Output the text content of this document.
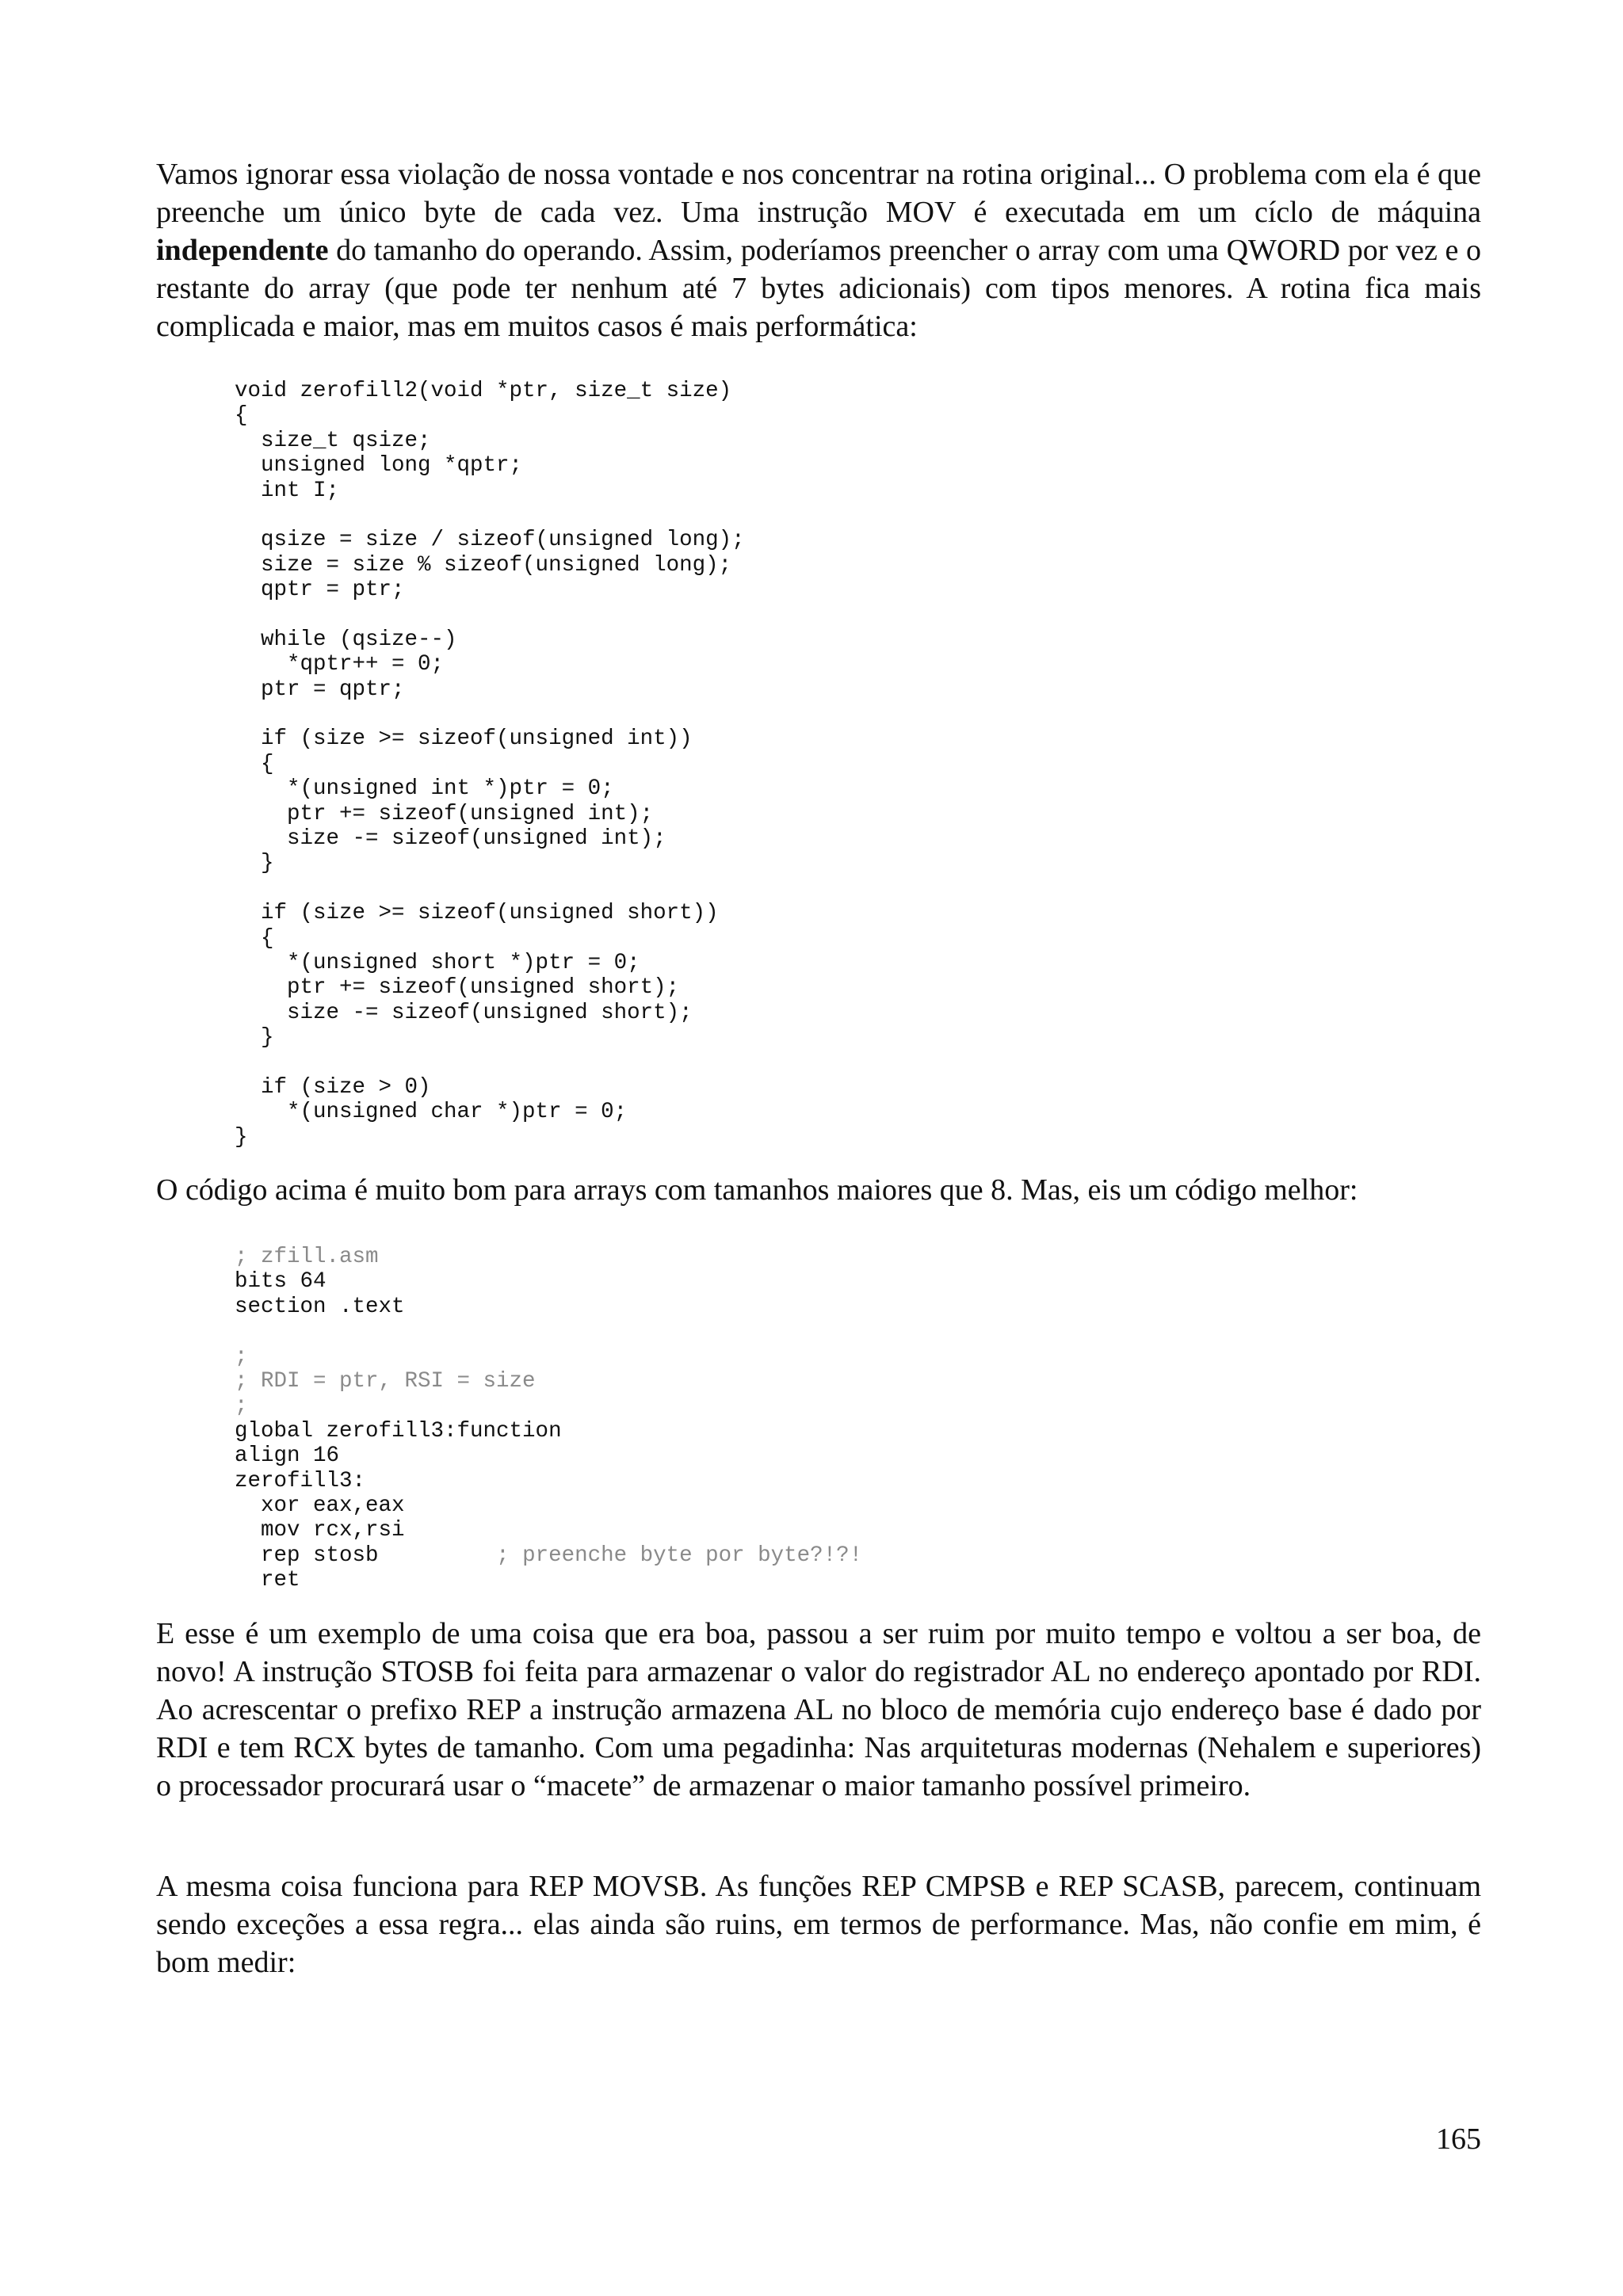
Vamos ignorar essa violação de nossa vontade e nos concentrar na rotina original... O problema com ela é que preenche um único byte de cada vez. Uma instrução MOV é executada em um cíclo de máquina independente do tamanho do operando. Assim, poderíamos preencher o array com uma QWORD por vez e o restante do array (que pode ter nenhum até 7 bytes adicionais) com tipos menores. A rotina fica mais complicada e maior, mas em muitos casos é mais performática:

void zerofill2(void *ptr, size_t size)
{
size_t qsize;
unsigned long *qptr;
int I;
qsize = size / sizeof(unsigned long);
size = size % sizeof(unsigned long);
qptr = ptr;
while (qsize--)
*qptr++ = 0;
ptr = qptr;
if (size >= sizeof(unsigned int))
{
*(unsigned int *)ptr = 0;
ptr += sizeof(unsigned int);
size -= sizeof(unsigned int);
}
if (size >= sizeof(unsigned short))
{
*(unsigned short *)ptr = 0;
ptr += sizeof(unsigned short);
size -= sizeof(unsigned short);
}
if (size > 0)
*(unsigned char *)ptr = 0;
}

O código acima é muito bom para arrays com tamanhos maiores que 8. Mas, eis um código melhor:

; zfill.asm
bits 64
section .text
;
; RDI = ptr, RSI = size
;
global zerofill3:function
align 16
zerofill3:
xor eax,eax
mov rcx,rsi
rep stosb         ; preenche byte por byte?!?!
ret

E esse é um exemplo de uma coisa que era boa, passou a ser ruim por muito tempo e voltou a ser boa, de novo! A instrução STOSB foi feita para armazenar o valor do registrador AL no endereço apontado por RDI. Ao acrescentar o prefixo REP a instrução armazena AL no bloco de memória cujo endereço base é dado por RDI e tem RCX bytes de tamanho. Com uma pegadinha: Nas arquiteturas modernas (Nehalem e superiores) o processador procurará usar o “macete” de armazenar o maior tamanho possível primeiro.

A mesma coisa funciona para REP MOVSB. As funções REP CMPSB e REP SCASB, parecem, continuam sendo exceções a essa regra... elas ainda são ruins, em termos de performance. Mas, não confie em mim, é bom medir:

165
